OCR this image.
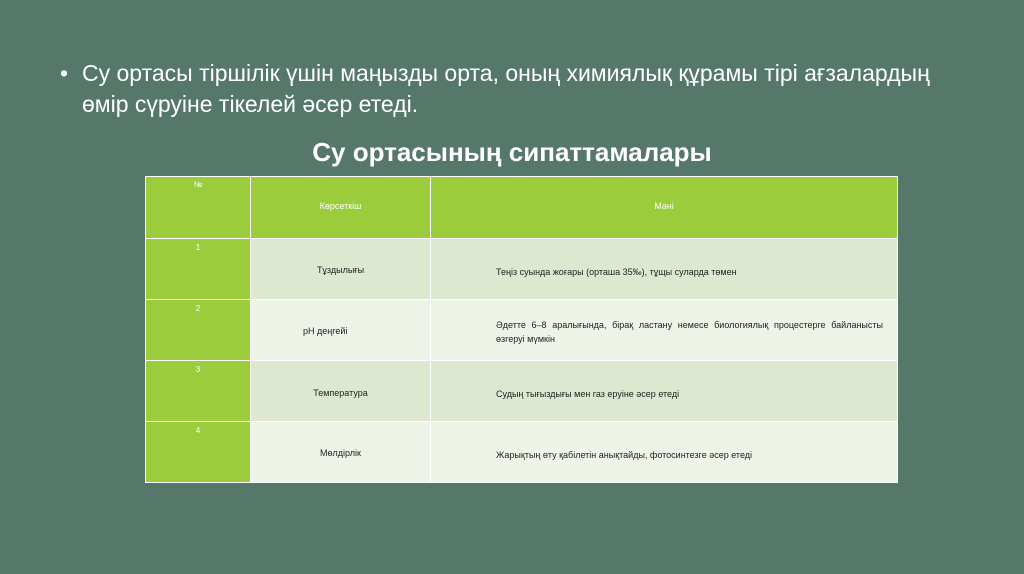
• Су ортасы тіршілік үшін маңызды орта, оның химиялық құрамы тірі ағзалардың өмір сүруіне тікелей әсер етеді.
Су ортасының сипаттамалары
№	Көрсеткіш	Мәні

1	Тұздылығы	Теңіз суында жоғары (орташа 35‰), тұщы суларда төмен

2	pH деңгейі	Әдетте 6–8 аралығында, бірақ ластану немесе биологиялық процестерге байланысты өзгеруі мүмкін

3	Температура	Судың тығыздығы мен газ еруіне әсер етеді

4	Мөлдірлік	Жарықтың өту қабілетін анықтайды, фотосинтезге әсер етеді
